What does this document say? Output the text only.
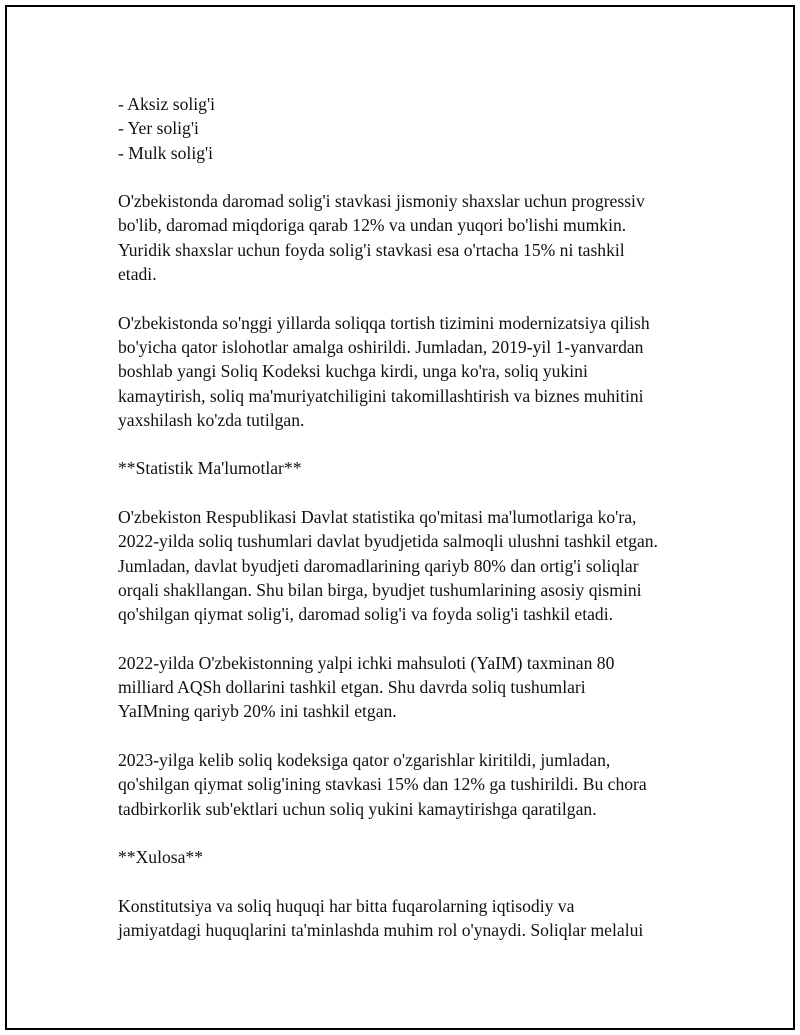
- Aksiz solig'i
- Yer solig'i
- Mulk solig'i
O'zbekistonda daromad solig'i stavkasi jismoniy shaxslar uchun progressiv
bo'lib, daromad miqdoriga qarab 12% va undan yuqori bo'lishi mumkin.
Yuridik shaxslar uchun foyda solig'i stavkasi esa o'rtacha 15% ni tashkil
etadi.
O'zbekistonda so'nggi yillarda soliqqa tortish tizimini modernizatsiya qilish
bo'yicha qator islohotlar amalga oshirildi. Jumladan, 2019-yil 1-yanvardan
boshlab yangi Soliq Kodeksi kuchga kirdi, unga ko'ra, soliq yukini
kamaytirish, soliq ma'muriyatchiligini takomillashtirish va biznes muhitini
yaxshilash ko'zda tutilgan.
**Statistik Ma'lumotlar**
O'zbekiston Respublikasi Davlat statistika qo'mitasi ma'lumotlariga ko'ra,
2022-yilda soliq tushumlari davlat byudjetida salmoqli ulushni tashkil etgan.
Jumladan, davlat byudjeti daromadlarining qariyb 80% dan ortig'i soliqlar
orqali shakllangan. Shu bilan birga, byudjet tushumlarining asosiy qismini
qo'shilgan qiymat solig'i, daromad solig'i va foyda solig'i tashkil etadi.
2022-yilda O'zbekistonning yalpi ichki mahsuloti (YaIM) taxminan 80
milliard AQSh dollarini tashkil etgan. Shu davrda soliq tushumlari
YaIMning qariyb 20% ini tashkil etgan.
2023-yilga kelib soliq kodeksiga qator o'zgarishlar kiritildi, jumladan,
qo'shilgan qiymat solig'ining stavkasi 15% dan 12% ga tushirildi. Bu chora
tadbirkorlik sub'ektlari uchun soliq yukini kamaytirishga qaratilgan.
**Xulosa**
Konstitutsiya va soliq huquqi har bitta fuqarolarning iqtisodiy va
jamiyatdagi huquqlarini ta'minlashda muhim rol o'ynaydi. Soliqlar melalui
